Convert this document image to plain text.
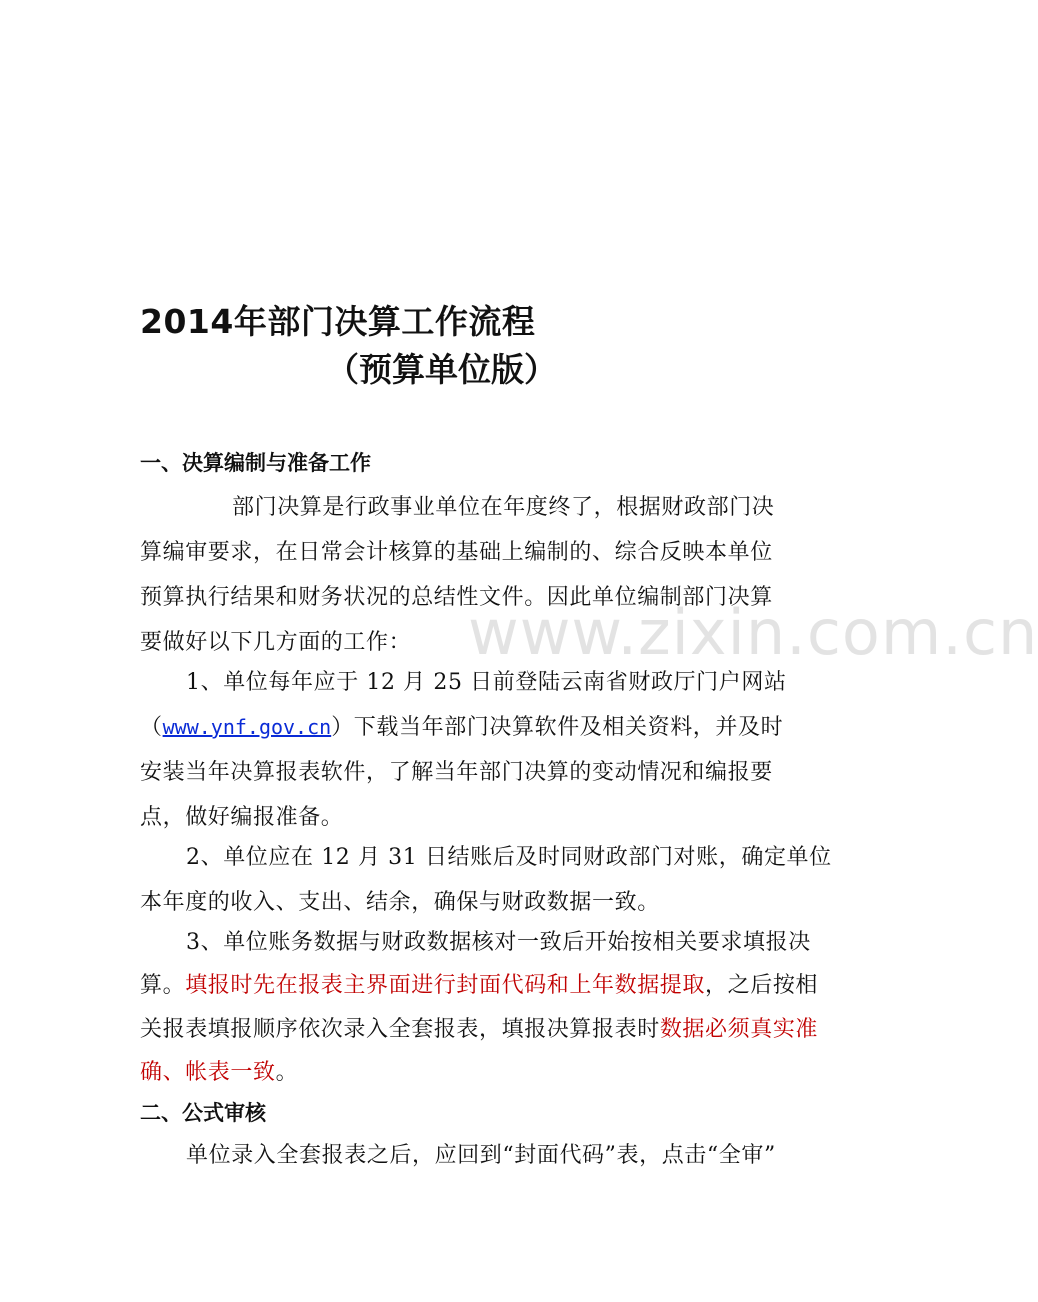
www.zixin.com.cn
2014年部门决算工作流程
（预算单位版）
一、决算编制与准备工作
部门决算是行政事业单位在年度终了，根据财政部门决
算编审要求，在日常会计核算的基础上编制的、综合反映本单位
预算执行结果和财务状况的总结性文件。因此单位编制部门决算
要做好以下几方面的工作：
1、单位每年应于 12 月 25 日前登陆云南省财政厅门户网站
（www.ynf.gov.cn）下载当年部门决算软件及相关资料，并及时
安装当年决算报表软件，了解当年部门决算的变动情况和编报要
点，做好编报准备。
2、单位应在 12 月 31 日结账后及时同财政部门对账，确定单位
本年度的收入、支出、结余，确保与财政数据一致。
3、单位账务数据与财政数据核对一致后开始按相关要求填报决
算。填报时先在报表主界面进行封面代码和上年数据提取，之后按相
关报表填报顺序依次录入全套报表，填报决算报表时数据必须真实准
确、帐表一致。
二、公式审核
单位录入全套报表之后，应回到“封面代码”表，点击“全审”
